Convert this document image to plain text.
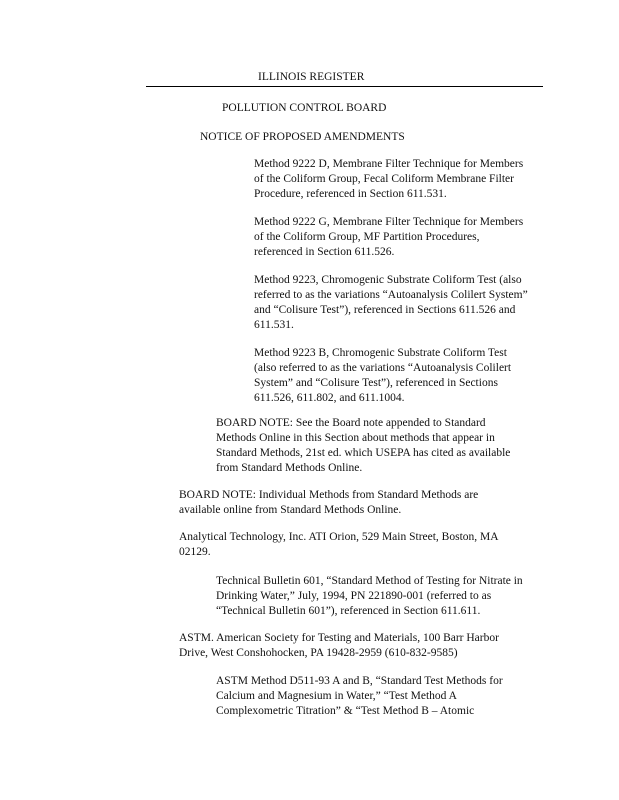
ILLINOIS REGISTER
POLLUTION CONTROL BOARD
NOTICE OF PROPOSED AMENDMENTS
Method 9222 D, Membrane Filter Technique for Members
of the Coliform Group, Fecal Coliform Membrane Filter
Procedure, referenced in Section 611.531.
Method 9222 G, Membrane Filter Technique for Members
of the Coliform Group, MF Partition Procedures,
referenced in Section 611.526.
Method 9223, Chromogenic Substrate Coliform Test (also
referred to as the variations “Autoanalysis Colilert System”
and “Colisure Test”), referenced in Sections 611.526 and
611.531.
Method 9223 B, Chromogenic Substrate Coliform Test
(also referred to as the variations “Autoanalysis Colilert
System” and “Colisure Test”), referenced in Sections
611.526, 611.802, and 611.1004.
BOARD NOTE: See the Board note appended to Standard
Methods Online in this Section about methods that appear in
Standard Methods, 21st ed. which USEPA has cited as available
from Standard Methods Online.
BOARD NOTE: Individual Methods from Standard Methods are
available online from Standard Methods Online.
Analytical Technology, Inc. ATI Orion, 529 Main Street, Boston, MA
02129.
Technical Bulletin 601, “Standard Method of Testing for Nitrate in
Drinking Water,” July, 1994, PN 221890-001 (referred to as
“Technical Bulletin 601”), referenced in Section 611.611.
ASTM. American Society for Testing and Materials, 100 Barr Harbor
Drive, West Conshohocken, PA 19428-2959 (610-832-9585)
ASTM Method D511-93 A and B, “Standard Test Methods for
Calcium and Magnesium in Water,” “Test Method A
Complexometric Titration” & “Test Method B – Atomic
